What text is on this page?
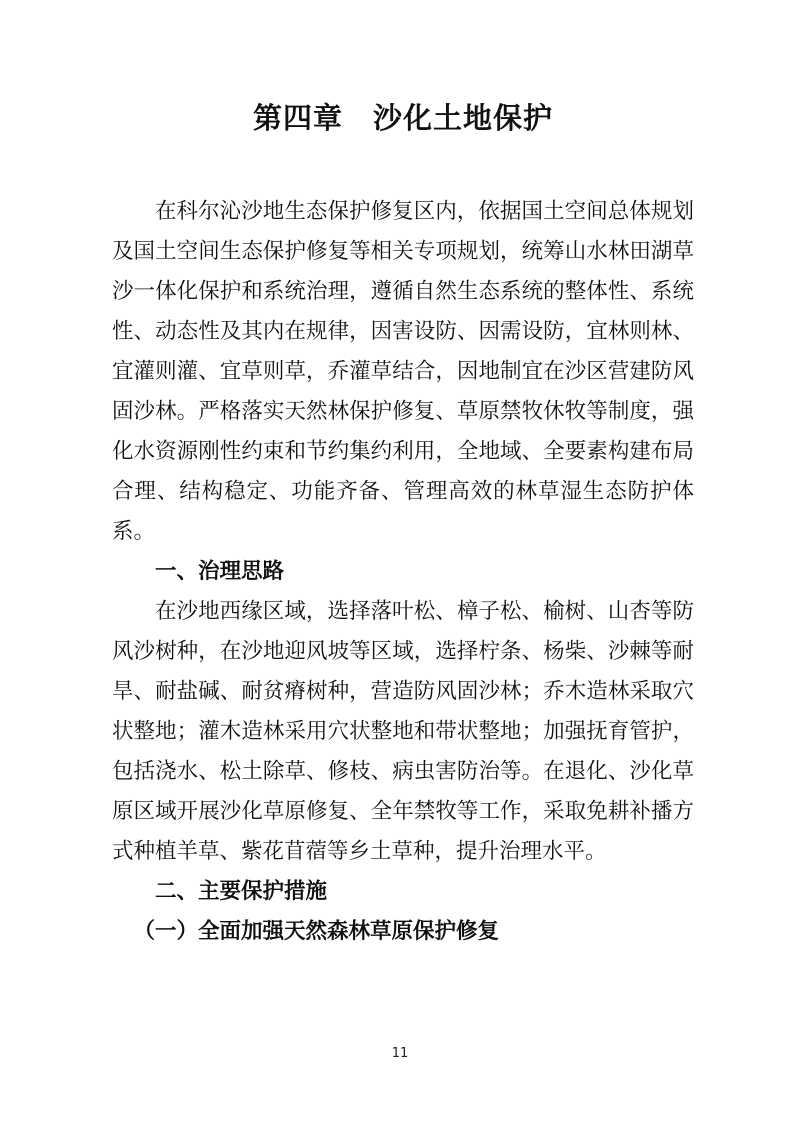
第四章　沙化土地保护

在科尔沁沙地生态保护修复区内，依据国土空间总体规划及国土空间生态保护修复等相关专项规划，统筹山水林田湖草沙一体化保护和系统治理，遵循自然生态系统的整体性、系统性、动态性及其内在规律，因害设防、因需设防，宜林则林、宜灌则灌、宜草则草，乔灌草结合，因地制宜在沙区营建防风固沙林。严格落实天然林保护修复、草原禁牧休牧等制度，强化水资源刚性约束和节约集约利用，全地域、全要素构建布局合理、结构稳定、功能齐备、管理高效的林草湿生态防护体系。

一、治理思路

在沙地西缘区域，选择落叶松、樟子松、榆树、山杏等防风沙树种，在沙地迎风坡等区域，选择柠条、杨柴、沙棘等耐旱、耐盐碱、耐贫瘠树种，营造防风固沙林；乔木造林采取穴状整地；灌木造林采用穴状整地和带状整地；加强抚育管护，包括浇水、松土除草、修枝、病虫害防治等。在退化、沙化草原区域开展沙化草原修复、全年禁牧等工作，采取免耕补播方式种植羊草、紫花苜蓿等乡土草种，提升治理水平。

二、主要保护措施

（一）全面加强天然森林草原保护修复

11
